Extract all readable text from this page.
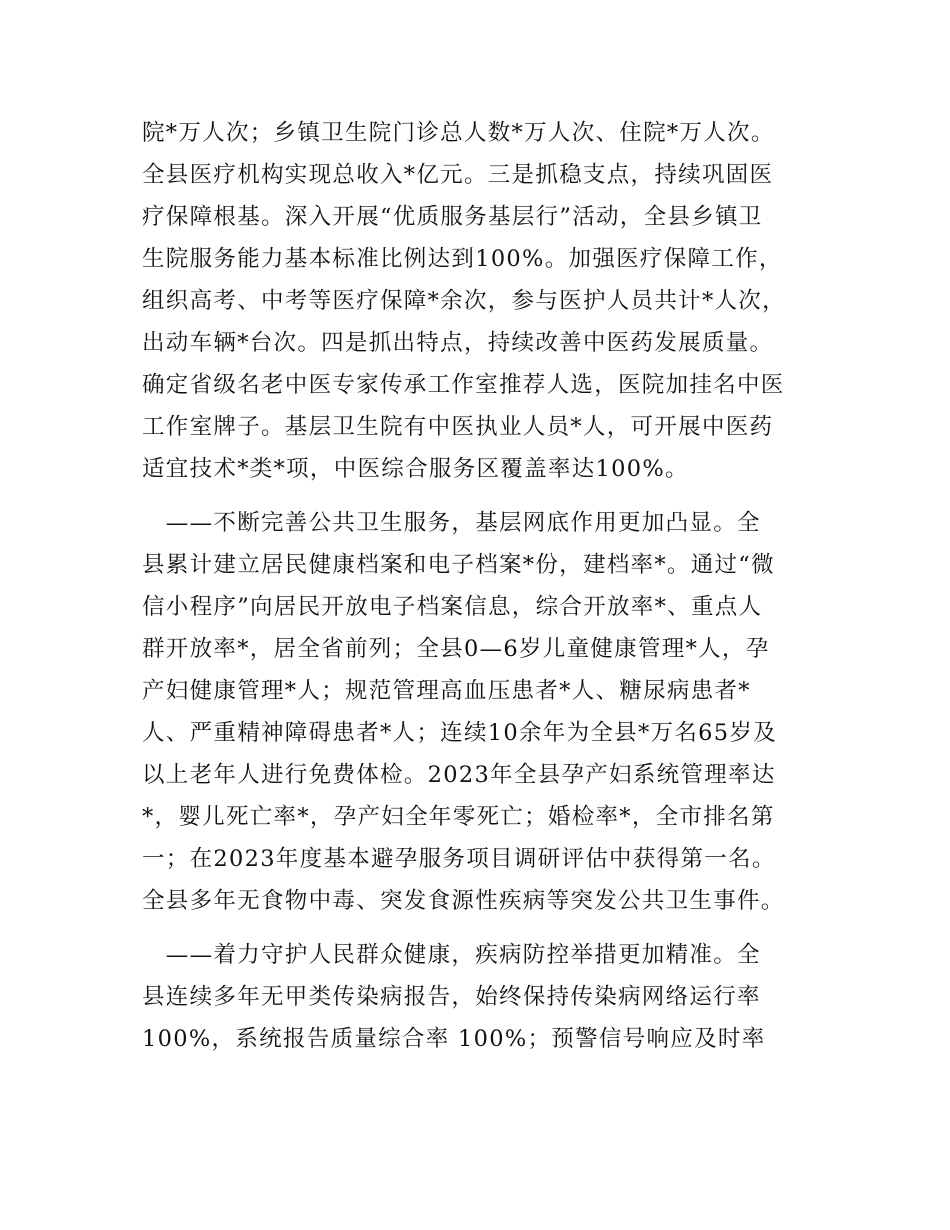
院*万人次；乡镇卫生院门诊总人数*万人次、住院*万人次。
全县医疗机构实现总收入*亿元。三是抓稳支点，持续巩固医
疗保障根基。深入开展“优质服务基层行”活动，全县乡镇卫
生院服务能力基本标准比例达到100%。加强医疗保障工作，
组织高考、中考等医疗保障*余次，参与医护人员共计*人次，
出动车辆*台次。四是抓出特点，持续改善中医药发展质量。
确定省级名老中医专家传承工作室推荐人选，医院加挂名中医
工作室牌子。基层卫生院有中医执业人员*人，可开展中医药
适宜技术*类*项，中医综合服务区覆盖率达100%。
　——不断完善公共卫生服务，基层网底作用更加凸显。全
县累计建立居民健康档案和电子档案*份，建档率*。通过“微
信小程序”向居民开放电子档案信息，综合开放率*、重点人
群开放率*，居全省前列；全县0—6岁儿童健康管理*人，孕
产妇健康管理*人；规范管理高血压患者*人、糖尿病患者*
人、严重精神障碍患者*人；连续10余年为全县*万名65岁及
以上老年人进行免费体检。2023年全县孕产妇系统管理率达
*，婴儿死亡率*，孕产妇全年零死亡；婚检率*，全市排名第
一；在2023年度基本避孕服务项目调研评估中获得第一名。
全县多年无食物中毒、突发食源性疾病等突发公共卫生事件。
　——着力守护人民群众健康，疾病防控举措更加精准。全
县连续多年无甲类传染病报告，始终保持传染病网络运行率
100%，系统报告质量综合率 100%；预警信号响应及时率
